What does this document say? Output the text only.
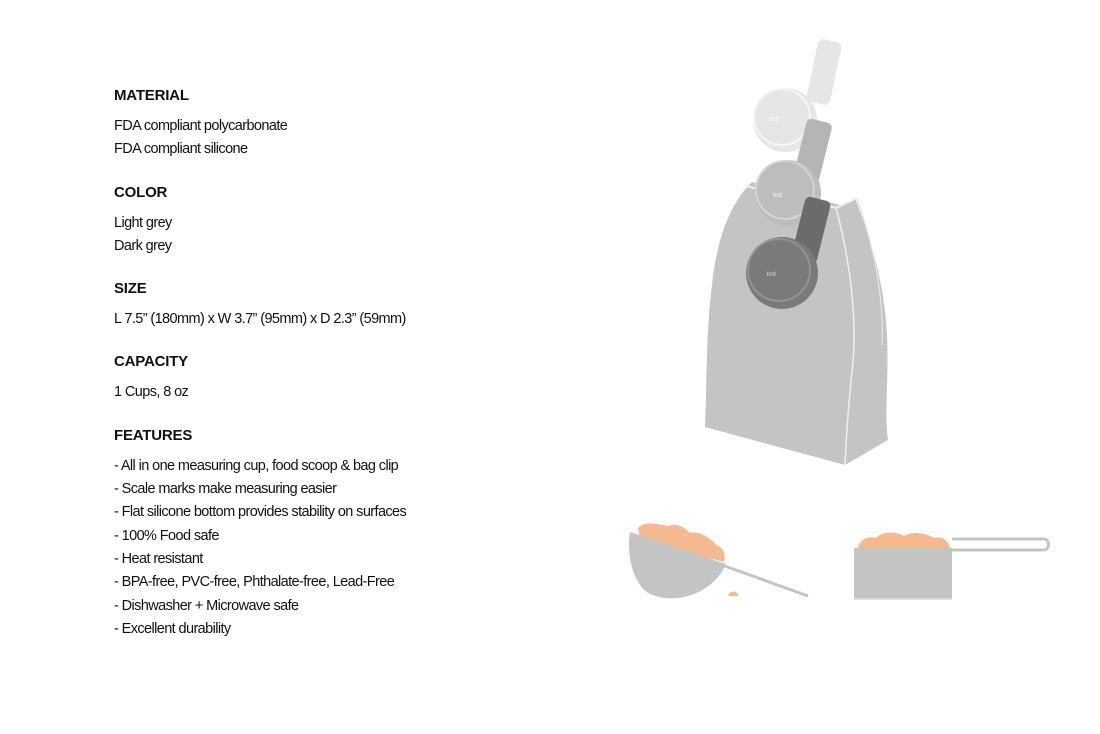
MATERIAL
FDA compliant polycarbonate
FDA compliant silicone
COLOR
Light grey
Dark grey
SIZE
L 7.5” (180mm) x W 3.7” (95mm) x D 2.3” (59mm)
CAPACITY
1 Cups, 8 oz
FEATURES
- All in one measuring cup, food scoop & bag clip
- Scale marks make measuring easier
- Flat silicone bottom provides stability on surfaces
- 100% Food safe
- Heat resistant
- BPA-free, PVC-free, Phthalate-free, Lead-Free
- Dishwasher + Microwave safe
- Excellent durability
hrd
hrd
hrd
